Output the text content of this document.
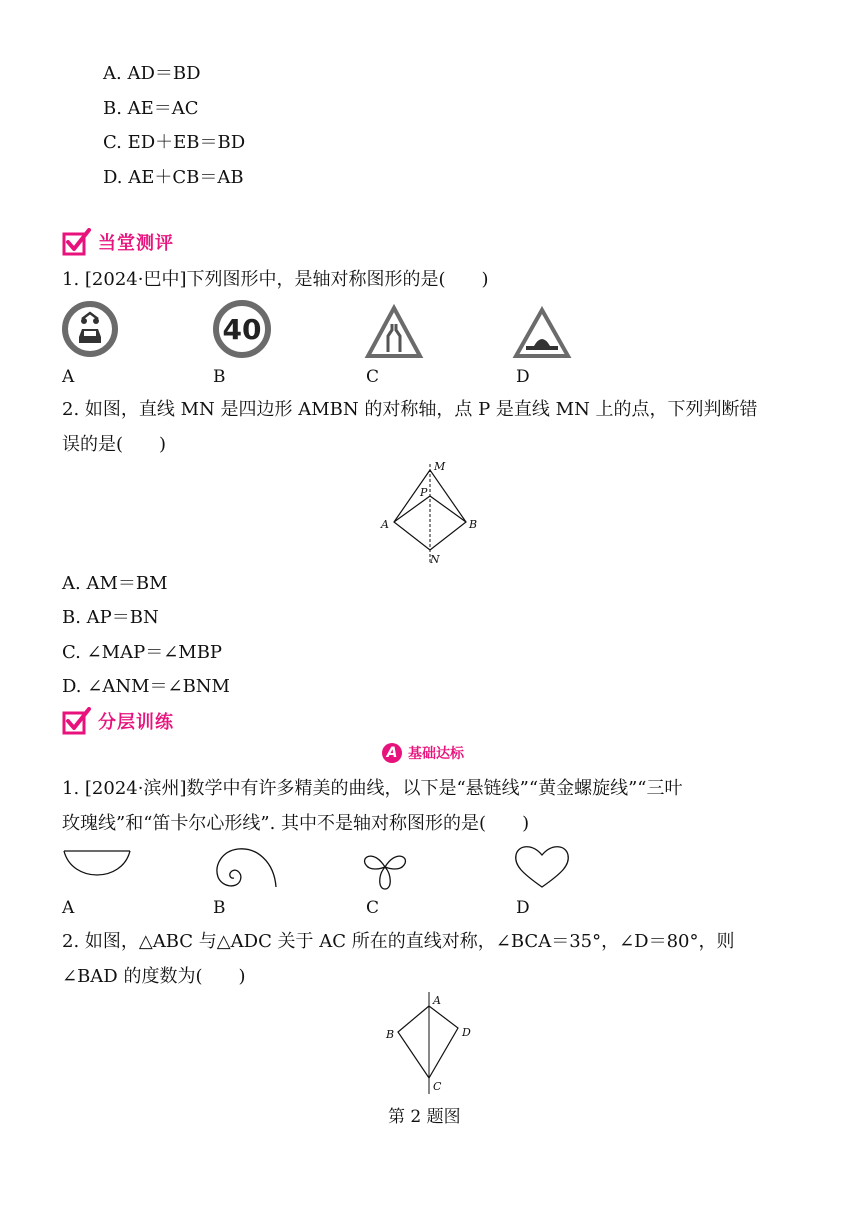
A. AD＝BD
B. AE＝AC
C. ED＋EB＝BD
D. AE＋CB＝AB
当堂测评
1. [2024·巴中]下列图形中，是轴对称图形的是(　　)
40
A	B	C	D
2. 如图，直线 MN 是四边形 AMBN 的对称轴，点 P 是直线 MN 上的点，下列判断错
误的是(　　)
M
P
A	B
N
A. AM＝BM
B. AP＝BN
C. ∠MAP＝∠MBP
D. ∠ANM＝∠BNM
分层训练
A 基础达标
1. [2024·滨州]数学中有许多精美的曲线，以下是“悬链线”“黄金螺旋线”“三叶
玫瑰线”和“笛卡尔心形线”. 其中不是轴对称图形的是(　　)
A	B	C	D
2. 如图，△ABC 与△ADC 关于 AC 所在的直线对称，∠BCA＝35°，∠D＝80°，则
∠BAD 的度数为(　　)
A
B
C
D
第 2 题图
